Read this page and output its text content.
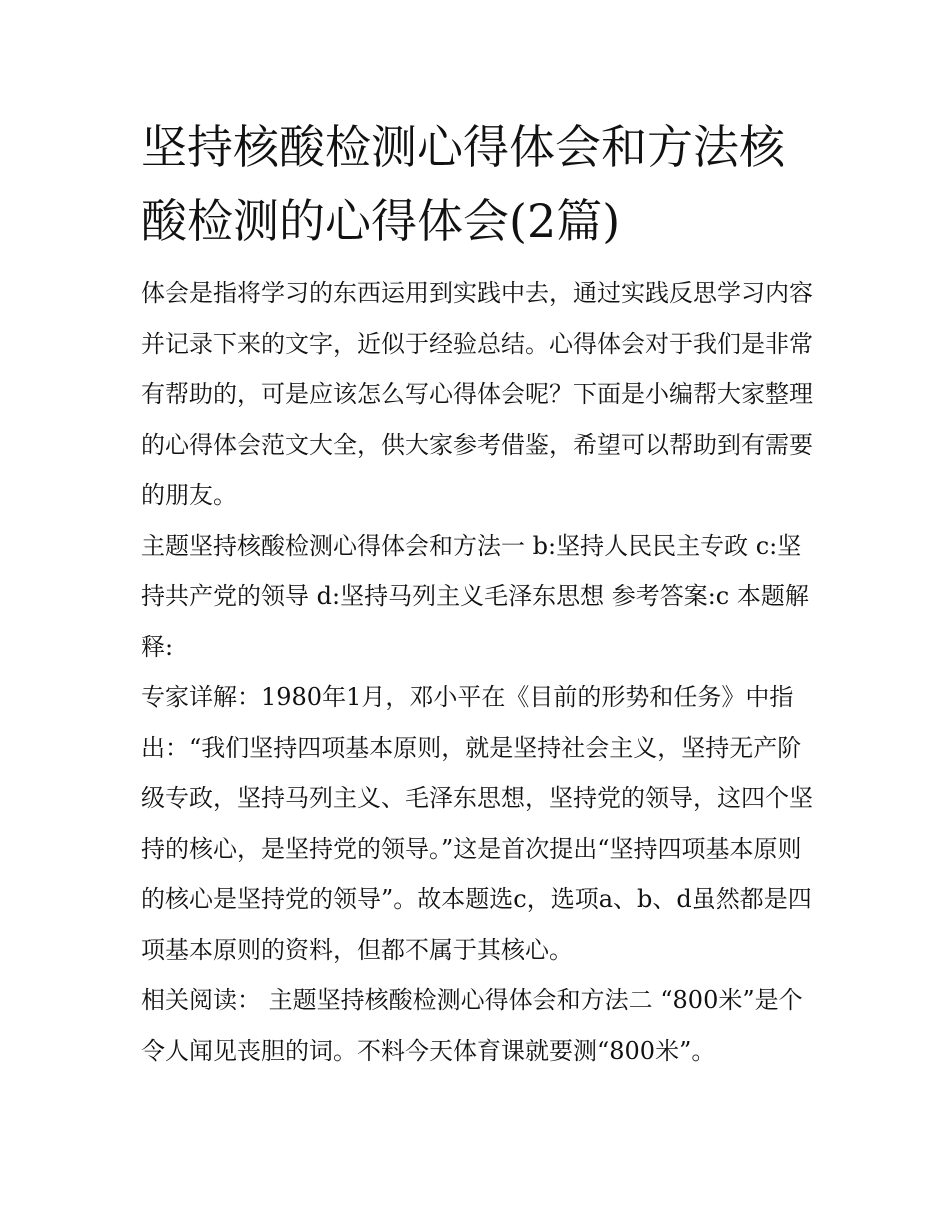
坚持核酸检测心得体会和方法核酸检测的心得体会(2篇)

体会是指将学习的东西运用到实践中去，通过实践反思学习内容并记录下来的文字，近似于经验总结。心得体会对于我们是非常有帮助的，可是应该怎么写心得体会呢？下面是小编帮大家整理的心得体会范文大全，供大家参考借鉴，希望可以帮助到有需要的朋友。

主题坚持核酸检测心得体会和方法一 b:坚持人民民主专政 c:坚持共产党的领导 d:坚持马列主义毛泽东思想 参考答案:c 本题解释:

专家详解：1980年1月，邓小平在《目前的形势和任务》中指出：“我们坚持四项基本原则，就是坚持社会主义，坚持无产阶级专政，坚持马列主义、毛泽东思想，坚持党的领导，这四个坚持的核心，是坚持党的领导。”这是首次提出“坚持四项基本原则的核心是坚持党的领导”。故本题选c，选项a、b、d虽然都是四项基本原则的资料，但都不属于其核心。

相关阅读： 主题坚持核酸检测心得体会和方法二 “800米”是个令人闻见丧胆的词。不料今天体育课就要测“800米”。
